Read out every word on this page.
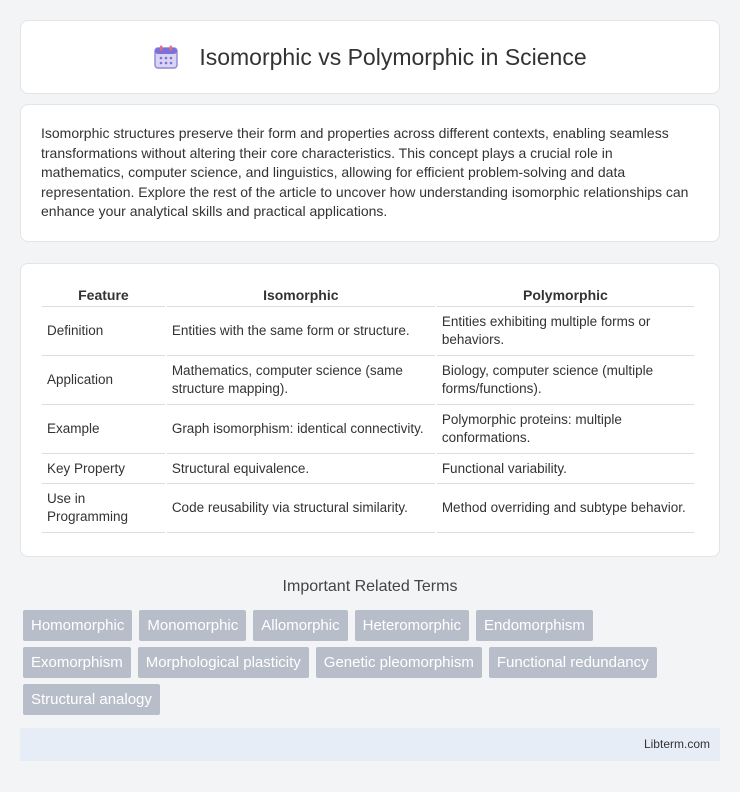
Isomorphic vs Polymorphic in Science

Isomorphic structures preserve their form and properties across different contexts, enabling seamless transformations without altering their core characteristics. This concept plays a crucial role in mathematics, computer science, and linguistics, allowing for efficient problem-solving and data representation. Explore the rest of the article to uncover how understanding isomorphic relationships can enhance your analytical skills and practical applications.

Feature	Isomorphic	Polymorphic
Definition	Entities with the same form or structure.	Entities exhibiting multiple forms or behaviors.
Application	Mathematics, computer science (same structure mapping).	Biology, computer science (multiple forms/functions).
Example	Graph isomorphism: identical connectivity.	Polymorphic proteins: multiple conformations.
Key Property	Structural equivalence.	Functional variability.
Use in Programming	Code reusability via structural similarity.	Method overriding and subtype behavior.
Important Related Terms
Homomorphic	Monomorphic	Allomorphic	Heteromorphic	Endomorphism
Exomorphism	Morphological plasticity	Genetic pleomorphism	Functional redundancy
Structural analogy
Libterm.com
